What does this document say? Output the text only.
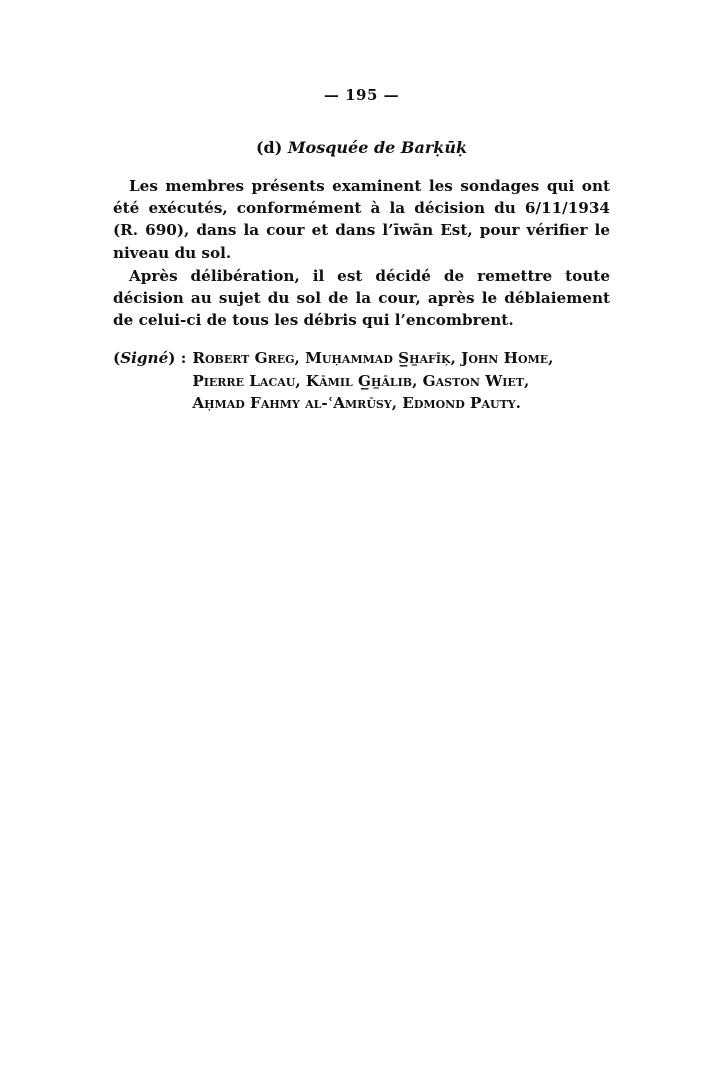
— 195 —
(d) Mosquée de Barḳūḳ

Les membres présents examinent les sondages qui ont été exécutés, conformément à la décision du 6/11/1934 (R. 690), dans la cour et dans l’īwān Est, pour vérifier le niveau du sol.

Après délibération, il est décidé de remettre toute décision au sujet du sol de la cour, après le déblaiement de celui-ci de tous les débris qui l’encombrent.

(Signé) : Robert Greg, Muḥammad S̲h̲afīḳ, John Home,
Pierre Lacau, Kāmil G̲h̲ālib, Gaston Wiet,
Aḥmad Fahmy al-ʿAmrūsy, Edmond Pauty.
